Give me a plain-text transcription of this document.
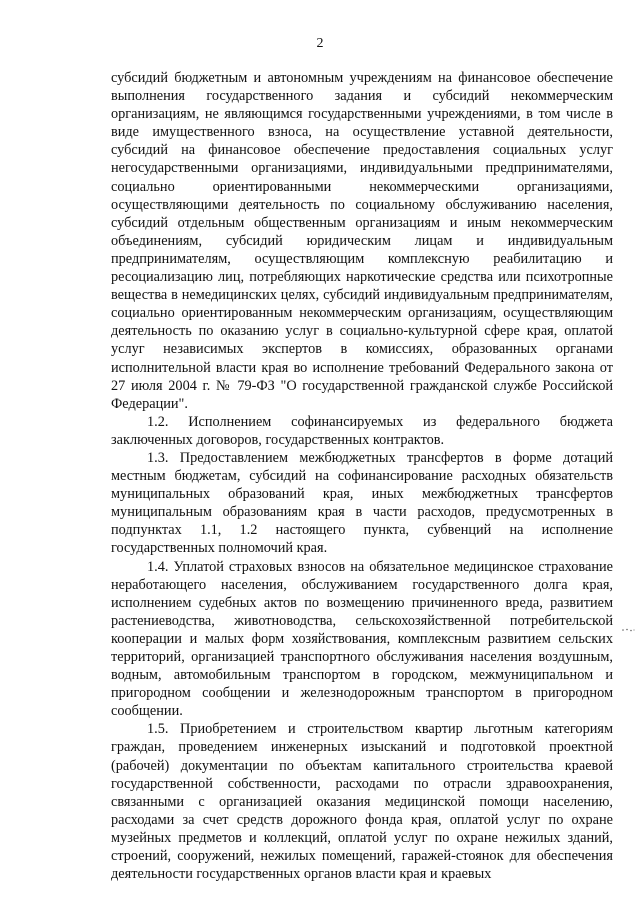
2

субсидий бюджетным и автономным учреждениям на финансовое обеспечение выполнения государственного задания и субсидий некоммерческим организациям, не являющимся государственными учреждениями, в том числе в виде имущественного взноса, на осуществление уставной деятельности, субсидий на финансовое обеспечение предоставления социальных услуг негосударственными организациями, индивидуальными предпринимателями, социально ориентированными некоммерческими организациями, осуществляющими деятельность по социальному обслуживанию населения, субсидий отдельным общественным организациям и иным некоммерческим объединениям, субсидий юридическим лицам и индивидуальным предпринимателям, осуществляющим комплексную реабилитацию и ресоциализацию лиц, потребляющих наркотические средства или психотропные вещества в немедицинских целях, субсидий индивидуальным предпринимателям, социально ориентированным некоммерческим организациям, осуществляющим деятельность по оказанию услуг в социально-культурной сфере края, оплатой услуг независимых экспертов в комиссиях, образованных органами исполнительной власти края во исполнение требований Федерального закона от 27 июля 2004 г. № 79-ФЗ "О государственной гражданской службе Российской Федерации".

1.2. Исполнением софинансируемых из федерального бюджета заключенных договоров, государственных контрактов.

1.3. Предоставлением межбюджетных трансфертов в форме дотаций местным бюджетам, субсидий на софинансирование расходных обязательств муниципальных образований края, иных межбюджетных трансфертов муниципальным образованиям края в части расходов, предусмотренных в подпунктах 1.1, 1.2 настоящего пункта, субвенций на исполнение государственных полномочий края.

1.4. Уплатой страховых взносов на обязательное медицинское страхование неработающего населения, обслуживанием государственного долга края, исполнением судебных актов по возмещению причиненного вреда, развитием растениеводства, животноводства, сельскохозяйственной потребительской кооперации и малых форм хозяйствования, комплексным развитием сельских территорий, организацией транспортного обслуживания населения воздушным, водным, автомобильным транспортом в городском, межмуниципальном и пригородном сообщении и железнодорожным транспортом в пригородном сообщении.

1.5. Приобретением и строительством квартир льготным категориям граждан, проведением инженерных изысканий и подготовкой проектной (рабочей) документации по объектам капитального строительства краевой государственной собственности, расходами по отрасли здравоохранения, связанными с организацией оказания медицинской помощи населению, расходами за счет средств дорожного фонда края, оплатой услуг по охране музейных предметов и коллекций, оплатой услуг по охране нежилых зданий, строений, сооружений, нежилых помещений, гаражей-стоянок для обеспечения деятельности государственных органов власти края и краевых
